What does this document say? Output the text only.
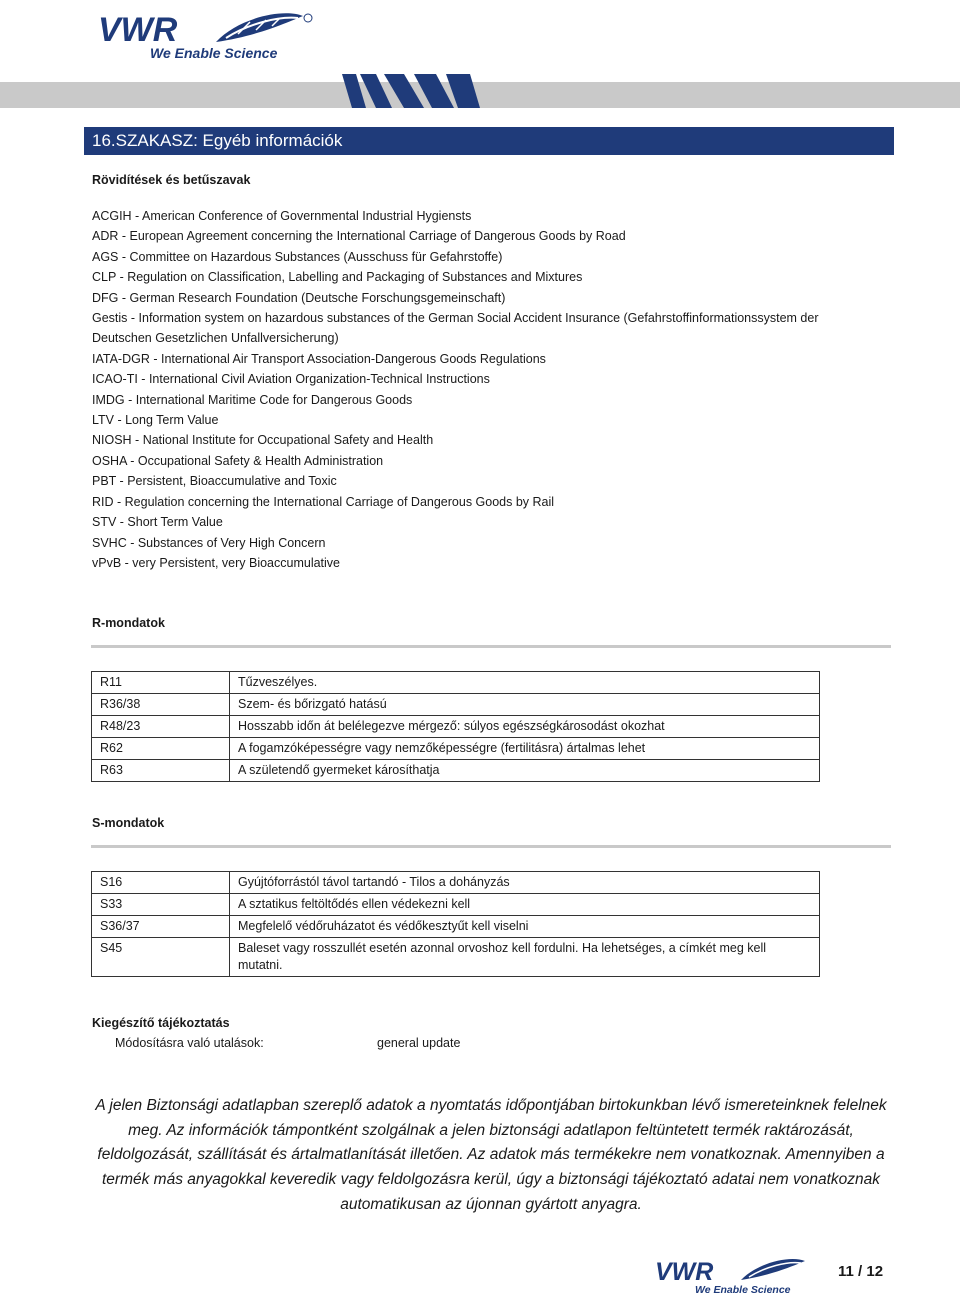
VWR
We Enable Science
16.SZAKASZ: Egyéb információk
Rövidítések és betűszavak
ACGIH - American Conference of Governmental Industrial Hygiensts
ADR - European Agreement concerning the International Carriage of Dangerous Goods by Road
AGS - Committee on Hazardous Substances (Ausschuss für Gefahrstoffe)
CLP - Regulation on Classification, Labelling and Packaging of Substances and Mixtures
DFG - German Research Foundation (Deutsche Forschungsgemeinschaft)
Gestis - Information system on hazardous substances of the German Social Accident Insurance (Gefahrstoffinformationssystem der
Deutschen Gesetzlichen Unfallversicherung)
IATA-DGR - International Air Transport Association-Dangerous Goods Regulations
ICAO-TI - International Civil Aviation Organization-Technical Instructions
IMDG - International Maritime Code for Dangerous Goods
LTV - Long Term Value
NIOSH - National Institute for Occupational Safety and Health
OSHA - Occupational Safety & Health Administration
PBT - Persistent, Bioaccumulative and Toxic
RID - Regulation concerning the International Carriage of Dangerous Goods by Rail
STV - Short Term Value
SVHC - Substances of Very High Concern
vPvB - very Persistent, very Bioaccumulative
R-mondatok
R11	Tűzveszélyes.
R36/38	Szem- és bőrizgató hatású
R48/23	Hosszabb időn át belélegezve mérgező: súlyos egészségkárosodást okozhat
R62	A fogamzóképességre vagy nemzőképességre (fertilitásra) ártalmas lehet
R63	A születendő gyermeket károsíthatja
S-mondatok
S16	Gyújtóforrástól távol tartandó - Tilos a dohányzás
S33	A sztatikus feltöltődés ellen védekezni kell
S36/37	Megfelelő védőruházatot és védőkesztyűt kell viselni
S45	Baleset vagy rosszullét esetén azonnal orvoshoz kell fordulni. Ha lehetséges, a címkét meg kell mutatni.
Kiegészítő tájékoztatás
Módosításra való utalások:	general update
A jelen Biztonsági adatlapban szereplő adatok a nyomtatás időpontjában birtokunkban lévő ismereteinknek felelnek meg. Az információk támpontként szolgálnak a jelen biztonsági adatlapon feltüntetett termék raktározását, feldolgozását, szállítását és ártalmatlanítását illetően. Az adatok más termékekre nem vonatkoznak. Amennyiben a termék más anyagokkal keveredik vagy feldolgozásra kerül, úgy a biztonsági tájékoztató adatai nem vonatkoznak automatikusan az újonnan gyártott anyagra.
VWR
We Enable Science
11 / 12
